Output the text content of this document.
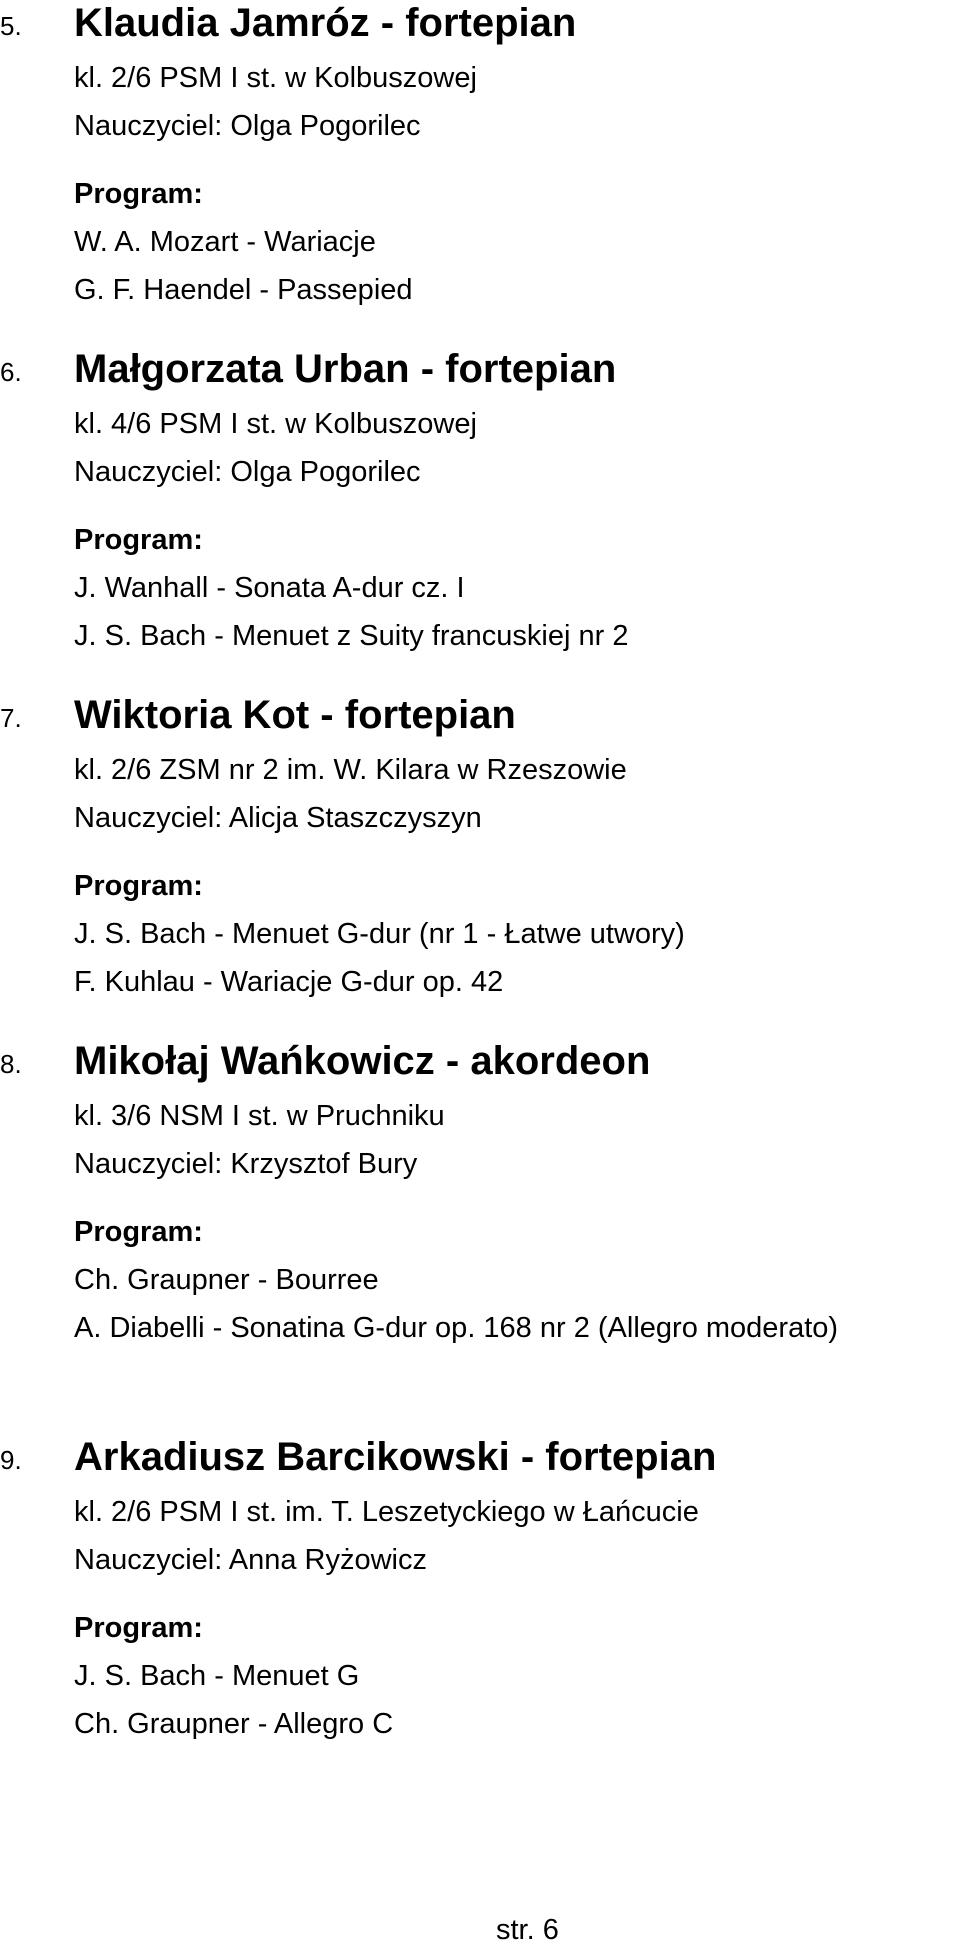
5. Klaudia Jamróz - fortepian
kl. 2/6 PSM I st. w Kolbuszowej
Nauczyciel: Olga Pogorilec
Program:
W. A. Mozart - Wariacje
G. F. Haendel - Passepied
6. Małgorzata Urban - fortepian
kl. 4/6 PSM I st. w Kolbuszowej
Nauczyciel: Olga Pogorilec
Program:
J. Wanhall - Sonata A-dur cz. I
J. S. Bach - Menuet z Suity francuskiej nr 2
7. Wiktoria Kot - fortepian
kl. 2/6 ZSM nr 2 im. W. Kilara w Rzeszowie
Nauczyciel: Alicja Staszczyszyn
Program:
J. S. Bach - Menuet G-dur (nr 1 - Łatwe utwory)
F. Kuhlau - Wariacje G-dur op. 42
8. Mikołaj Wańkowicz - akordeon
kl. 3/6 NSM I st. w Pruchniku
Nauczyciel: Krzysztof Bury
Program:
Ch. Graupner - Bourree
A. Diabelli - Sonatina G-dur op. 168 nr 2 (Allegro moderato)
9. Arkadiusz Barcikowski - fortepian
kl. 2/6 PSM I st. im. T. Leszetyckiego w Łańcucie
Nauczyciel: Anna Ryżowicz
Program:
J. S. Bach - Menuet G
Ch. Graupner - Allegro C
str. 6
